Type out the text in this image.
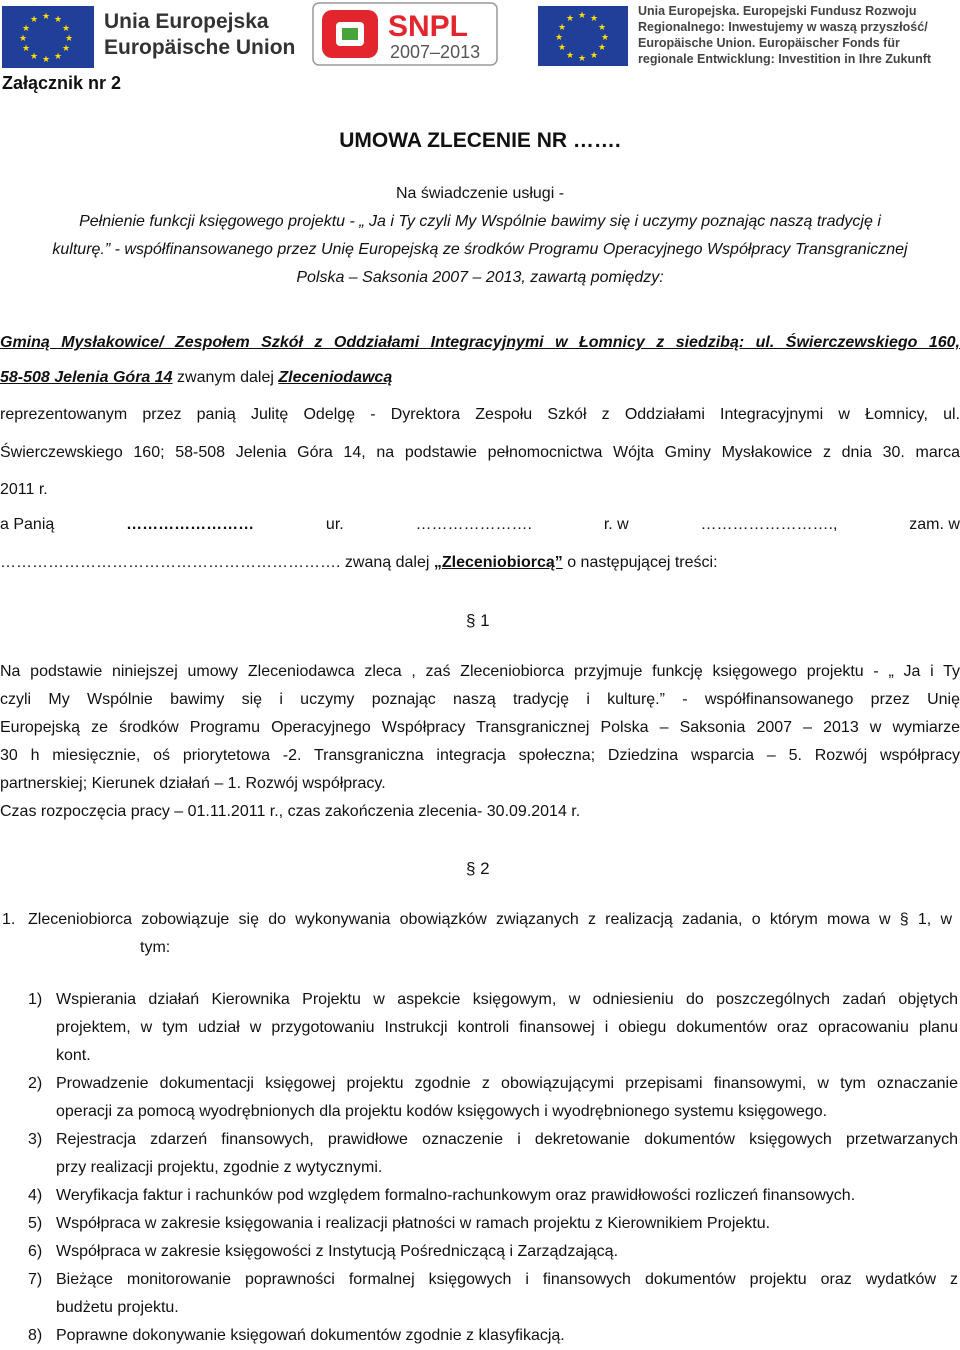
★ ★
★
★
★
★
★
★
★
★
★
★	Unia Europejska
Europäische Union
SNPL
2007–2013
★ ★
★
★
★
★
★
★
★
★
★
★	Unia Europejska. Europejski Fundusz Rozwoju
Regionalnego: Inwestujemy w waszą przyszłość/
Europäische Union. Europäischer Fonds für
regionale Entwicklung: Investition in Ihre Zukunft
Załącznik nr 2
UMOWA ZLECENIE NR …….
Na świadczenie usługi -
Pełnienie funkcji księgowego projektu - „ Ja i Ty czyli My Wspólnie bawimy się i uczymy poznając naszą tradycję i
kulturę.” - współfinansowanego przez Unię Europejską ze środków Programu Operacyjnego Współpracy Transgranicznej
Polska – Saksonia 2007 – 2013, zawartą pomiędzy:
Gminą Mysłakowice/ Zespołem Szkół z Oddziałami Integracyjnymi w Łomnicy z siedzibą: ul. Świerczewskiego 160,
58-508 Jelenia Góra 14 zwanym dalej Zleceniodawcą
reprezentowanym przez panią Julitę Odelgę - Dyrektora Zespołu Szkół z Oddziałami Integracyjnymi w Łomnicy, ul.
Świerczewskiego 160; 58-508 Jelenia Góra 14, na podstawie pełnomocnictwa Wójta Gminy Mysłakowice z dnia 30. marca
2011 r.
a Panią	……………………	ur.	………………….	r. w	…………………….,	zam. w
………………………………………………………. zwaną dalej „Zleceniobiorcą” o następującej treści:
§ 1
Na podstawie niniejszej umowy Zleceniodawca zleca , zaś Zleceniobiorca przyjmuje funkcję księgowego projektu - „ Ja i Ty
czyli My Wspólnie bawimy się i uczymy poznając naszą tradycję i kulturę.” - współfinansowanego przez Unię
Europejską ze środków Programu Operacyjnego Współpracy Transgranicznej Polska – Saksonia 2007 – 2013 w wymiarze
30 h miesięcznie, oś priorytetowa -2. Transgraniczna integracja społeczna; Dziedzina wsparcia – 5. Rozwój współpracy
partnerskiej; Kierunek działań – 1. Rozwój współpracy.
Czas rozpoczęcia pracy – 01.11.2011 r., czas zakończenia zlecenia- 30.09.2014 r.
§ 2
1. Zleceniobiorca zobowiązuje się do wykonywania obowiązków związanych z realizacją zadania, o którym mowa w § 1, w
tym:
1) Wspierania działań Kierownika Projektu w aspekcie księgowym, w odniesieniu do poszczególnych zadań objętych
projektem, w tym udział w przygotowaniu Instrukcji kontroli finansowej i obiegu dokumentów oraz opracowaniu planu
kont.
2) Prowadzenie dokumentacji księgowej projektu zgodnie z obowiązującymi przepisami finansowymi, w tym oznaczanie
operacji za pomocą wyodrębnionych dla projektu kodów księgowych i wyodrębnionego systemu księgowego.
3) Rejestracja zdarzeń finansowych, prawidłowe oznaczenie i dekretowanie dokumentów księgowych przetwarzanych
przy realizacji projektu, zgodnie z wytycznymi.
4) Weryfikacja faktur i rachunków pod względem formalno-rachunkowym oraz prawidłowości rozliczeń finansowych.
5) Współpraca w zakresie księgowania i realizacji płatności w ramach projektu z Kierownikiem Projektu.
6) Współpraca w zakresie księgowości z Instytucją Pośredniczącą i Zarządzającą.
7) Bieżące monitorowanie poprawności formalnej księgowych i finansowych dokumentów projektu oraz wydatków z
budżetu projektu.
8) Poprawne dokonywanie księgowań dokumentów zgodnie z klasyfikacją.
